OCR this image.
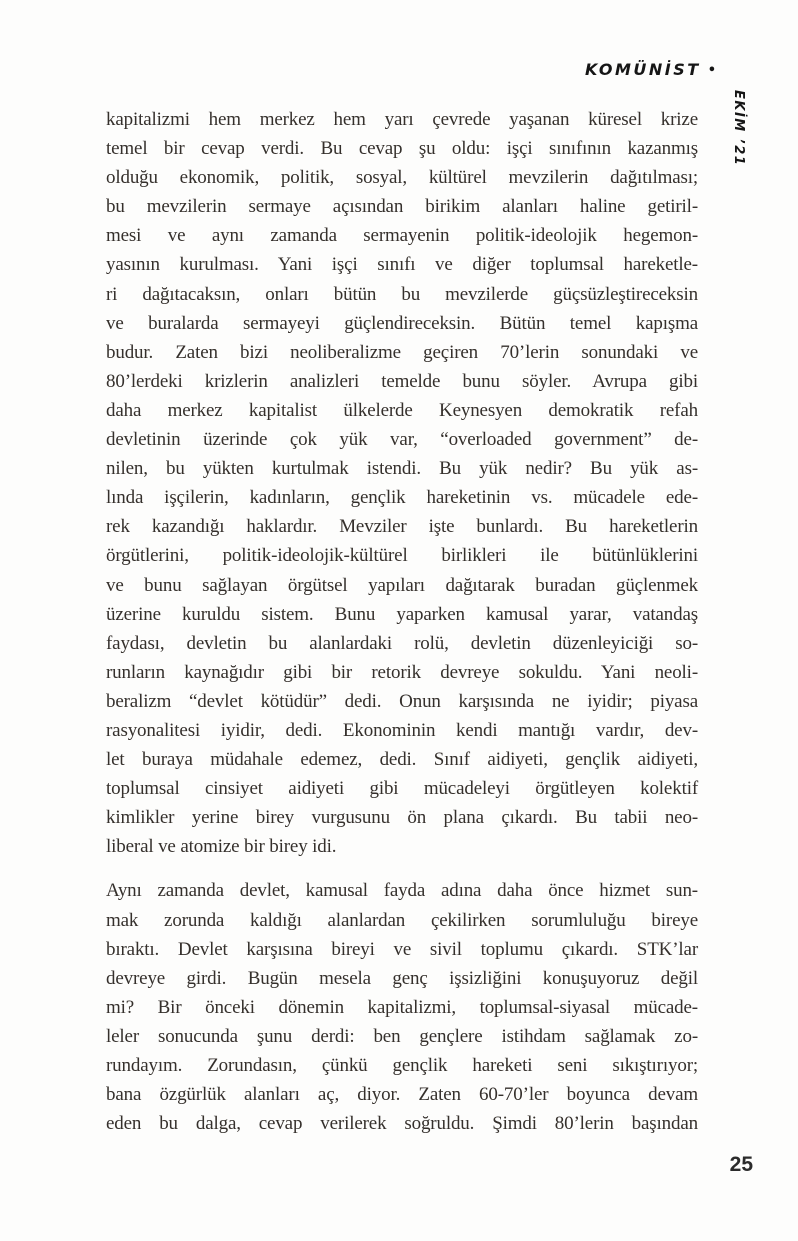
KOMÜNİST •
EKİM ’21
kapitalizmi hem merkez hem yarı çevrede yaşanan küresel krize
temel bir cevap verdi. Bu cevap şu oldu: işçi sınıfının kazanmış
olduğu ekonomik, politik, sosyal, kültürel mevzilerin dağıtılması;
bu mevzilerin sermaye açısından birikim alanları haline getiril-
mesi ve aynı zamanda sermayenin politik-ideolojik hegemon-
yasının kurulması. Yani işçi sınıfı ve diğer toplumsal hareketle-
ri dağıtacaksın, onları bütün bu mevzilerde güçsüzleştireceksin
ve buralarda sermayeyi güçlendireceksin. Bütün temel kapışma
budur. Zaten bizi neoliberalizme geçiren 70’lerin sonundaki ve
80’lerdeki krizlerin analizleri temelde bunu söyler. Avrupa gibi
daha merkez kapitalist ülkelerde Keynesyen demokratik refah
devletinin üzerinde çok yük var, “overloaded government” de-
nilen, bu yükten kurtulmak istendi. Bu yük nedir? Bu yük as-
lında işçilerin, kadınların, gençlik hareketinin vs. mücadele ede-
rek kazandığı haklardır. Mevziler işte bunlardı. Bu hareketlerin
örgütlerini, politik-ideolojik-kültürel birlikleri ile bütünlüklerini
ve bunu sağlayan örgütsel yapıları dağıtarak buradan güçlenmek
üzerine kuruldu sistem. Bunu yaparken kamusal yarar, vatandaş
faydası, devletin bu alanlardaki rolü, devletin düzenleyiciği so-
runların kaynağıdır gibi bir retorik devreye sokuldu. Yani neoli-
beralizm “devlet kötüdür” dedi. Onun karşısında ne iyidir; piyasa
rasyonalitesi iyidir, dedi. Ekonominin kendi mantığı vardır, dev-
let buraya müdahale edemez, dedi. Sınıf aidiyeti, gençlik aidiyeti,
toplumsal cinsiyet aidiyeti gibi mücadeleyi örgütleyen kolektif
kimlikler yerine birey vurgusunu ön plana çıkardı. Bu tabii neo-
liberal ve atomize bir birey idi.
Aynı zamanda devlet, kamusal fayda adına daha önce hizmet sun-
mak zorunda kaldığı alanlardan çekilirken sorumluluğu bireye
bıraktı. Devlet karşısına bireyi ve sivil toplumu çıkardı. STK’lar
devreye girdi. Bugün mesela genç işsizliğini konuşuyoruz değil
mi? Bir önceki dönemin kapitalizmi, toplumsal-siyasal mücade-
leler sonucunda şunu derdi: ben gençlere istihdam sağlamak zo-
rundayım. Zorundasın, çünkü gençlik hareketi seni sıkıştırıyor;
bana özgürlük alanları aç, diyor. Zaten 60-70’ler boyunca devam
eden bu dalga, cevap verilerek soğruldu. Şimdi 80’lerin başından
25
